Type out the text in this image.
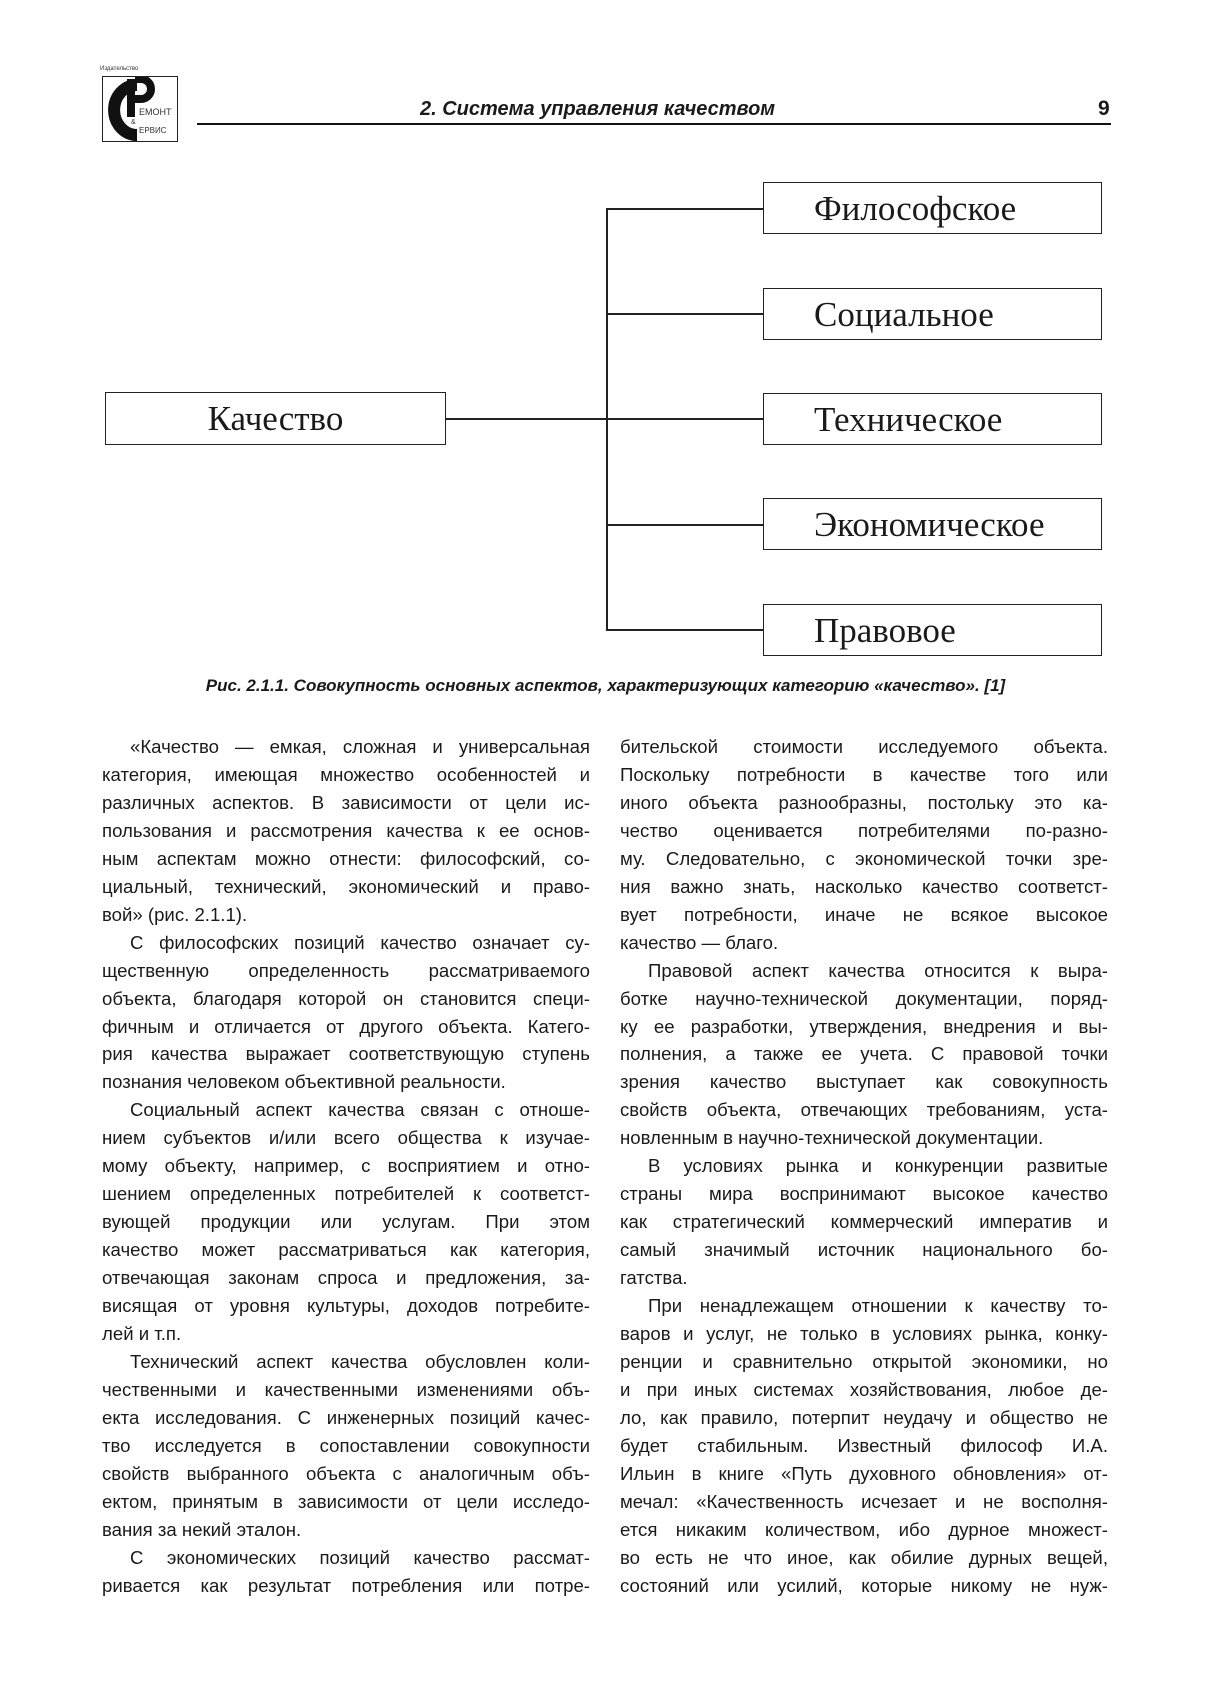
Издательство
ЕМОНТ
&
ЕРВИС
2. Система управления качеством	9
Качество
Философское
Социальное
Техническое
Экономическое
Правовое
Рис. 2.1.1. Совокупность основных аспектов, характеризующих категорию «качество». [1]
«Качество — емкая, сложная и универсальная
категория, имеющая множество особенностей и
различных аспектов. В зависимости от цели ис-
пользования и рассмотрения качества к ее основ-
ным аспектам можно отнести: философский, со-
циальный, технический, экономический и право-
вой» (рис. 2.1.1).
С философских позиций качество означает су-
щественную определенность рассматриваемого
объекта, благодаря которой он становится специ-
фичным и отличается от другого объекта. Катего-
рия качества выражает соответствующую ступень
познания человеком объективной реальности.
Социальный аспект качества связан с отноше-
нием субъектов и/или всего общества к изучае-
мому объекту, например, с восприятием и отно-
шением определенных потребителей к соответст-
вующей продукции или услугам. При этом
качество может рассматриваться как категория,
отвечающая законам спроса и предложения, за-
висящая от уровня культуры, доходов потребите-
лей и т.п.
Технический аспект качества обусловлен коли-
чественными и качественными изменениями объ-
екта исследования. С инженерных позиций качес-
тво исследуется в сопоставлении совокупности
свойств выбранного объекта с аналогичным объ-
ектом, принятым в зависимости от цели исследо-
вания за некий эталон.
С экономических позиций качество рассмат-
ривается как результат потребления или потре-
бительской стоимости исследуемого объекта.
Поскольку потребности в качестве того или
иного объекта разнообразны, постольку это ка-
чество оценивается потребителями по-разно-
му. Следовательно, с экономической точки зре-
ния важно знать, насколько качество соответст-
вует потребности, иначе не всякое высокое
качество — благо.
Правовой аспект качества относится к выра-
ботке научно-технической документации, поряд-
ку ее разработки, утверждения, внедрения и вы-
полнения, а также ее учета. С правовой точки
зрения качество выступает как совокупность
свойств объекта, отвечающих требованиям, уста-
новленным в научно-технической документации.
В условиях рынка и конкуренции развитые
страны мира воспринимают высокое качество
как стратегический коммерческий императив и
самый значимый источник национального бо-
гатства.
При ненадлежащем отношении к качеству то-
варов и услуг, не только в условиях рынка, конку-
ренции и сравнительно открытой экономики, но
и при иных системах хозяйствования, любое де-
ло, как правило, потерпит неудачу и общество не
будет стабильным. Известный философ И.А.
Ильин в книге «Путь духовного обновления» от-
мечал: «Качественность исчезает и не восполня-
ется никаким количеством, ибо дурное множест-
во есть не что иное, как обилие дурных вещей,
состояний или усилий, которые никому не нуж-
